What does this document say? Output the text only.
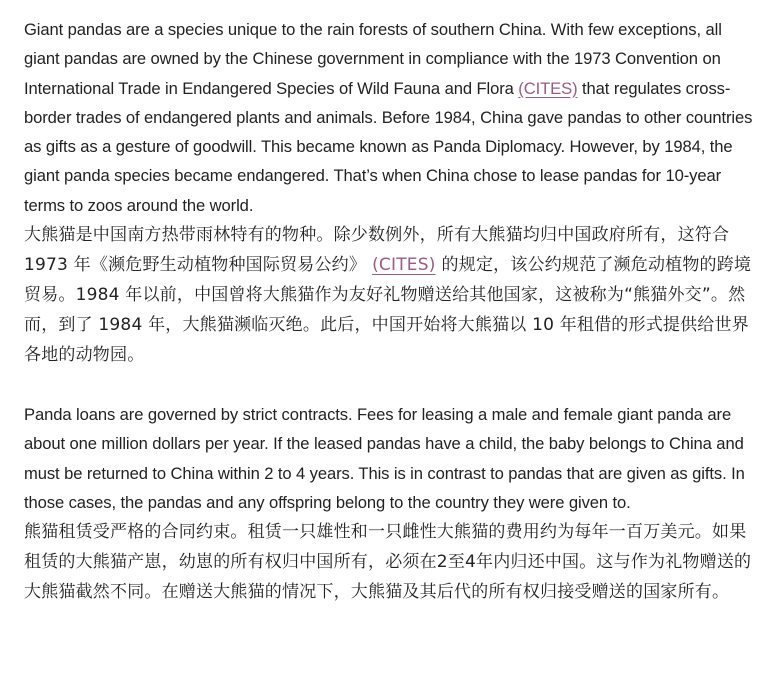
Giant pandas are a species unique to the rain forests of southern China. With few exceptions, all giant pandas are owned by the Chinese government in compliance with the 1973 Convention on International Trade in Endangered Species of Wild Fauna and Flora (CITES) that regulates cross-border trades of endangered plants and animals. Before 1984, China gave pandas to other countries as gifts as a gesture of goodwill. This became known as Panda Diplomacy. However, by 1984, the giant panda species became endangered. That’s when China chose to lease pandas for 10-year terms to zoos around the world.

大熊猫是中国南方热带雨林特有的物种。除少数例外，所有大熊猫均归中国政府所有，这符合 1973 年《濒危野生动植物种国际贸易公约》 (CITES) 的规定，该公约规范了濒危动植物的跨境贸易。1984 年以前，中国曾将大熊猫作为友好礼物赠送给其他国家，这被称为“熊猫外交”。然而，到了 1984 年，大熊猫濒临灭绝。此后，中国开始将大熊猫以 10 年租借的形式提供给世界各地的动物园。

Panda loans are governed by strict contracts. Fees for leasing a male and female giant panda are about one million dollars per year. If the leased pandas have a child, the baby belongs to China and must be returned to China within 2 to 4 years. This is in contrast to pandas that are given as gifts. In those cases, the pandas and any offspring belong to the country they were given to.

熊猫租赁受严格的合同约束。租赁一只雄性和一只雌性大熊猫的费用约为每年一百万美元。如果租赁的大熊猫产崽，幼崽的所有权归中国所有，必须在2至4年内归还中国。这与作为礼物赠送的大熊猫截然不同。在赠送大熊猫的情况下，大熊猫及其后代的所有权归接受赠送的国家所有。
